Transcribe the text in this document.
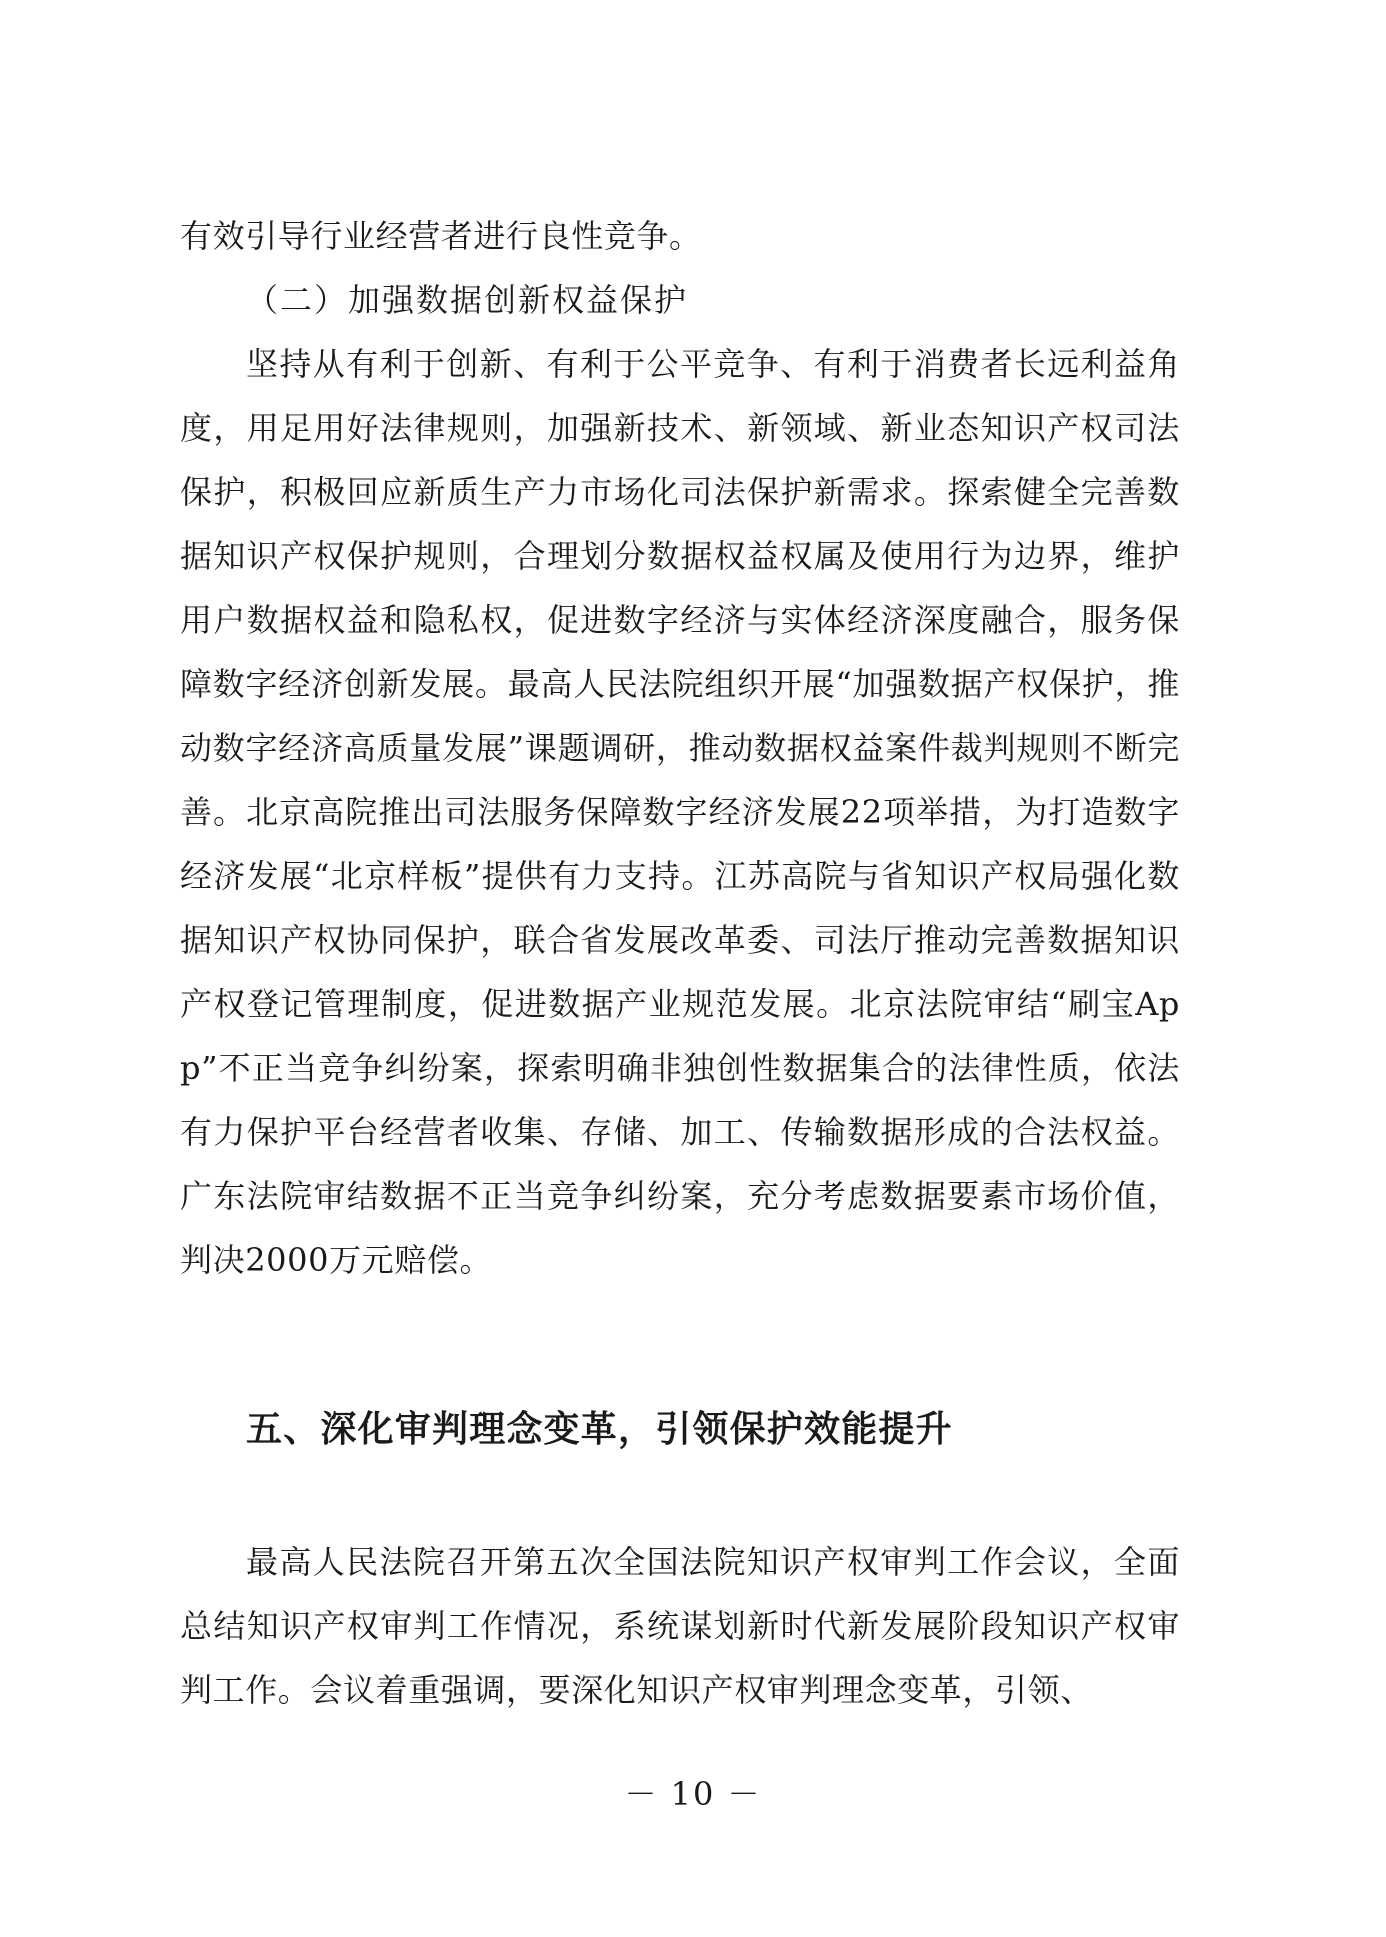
有效引导行业经营者进行良性竞争。

（二）加强数据创新权益保护

坚持从有利于创新、有利于公平竞争、有利于消费者长远利益角度，用足用好法律规则，加强新技术、新领域、新业态知识产权司法保护，积极回应新质生产力市场化司法保护新需求。探索健全完善数据知识产权保护规则，合理划分数据权益权属及使用行为边界，维护用户数据权益和隐私权，促进数字经济与实体经济深度融合，服务保障数字经济创新发展。最高人民法院组织开展“加强数据产权保护，推动数字经济高质量发展”课题调研，推动数据权益案件裁判规则不断完善。北京高院推出司法服务保障数字经济发展22项举措，为打造数字经济发展“北京样板”提供有力支持。江苏高院与省知识产权局强化数据知识产权协同保护，联合省发展改革委、司法厅推动完善数据知识产权登记管理制度，促进数据产业规范发展。北京法院审结“刷宝App”不正当竞争纠纷案，探索明确非独创性数据集合的法律性质，依法有力保护平台经营者收集、存储、加工、传输数据形成的合法权益。广东法院审结数据不正当竞争纠纷案，充分考虑数据要素市场价值，判决2000万元赔偿。

五、深化审判理念变革，引领保护效能提升

最高人民法院召开第五次全国法院知识产权审判工作会议，全面总结知识产权审判工作情况，系统谋划新时代新发展阶段知识产权审判工作。会议着重强调，要深化知识产权审判理念变革，引领、

－ 10 －
